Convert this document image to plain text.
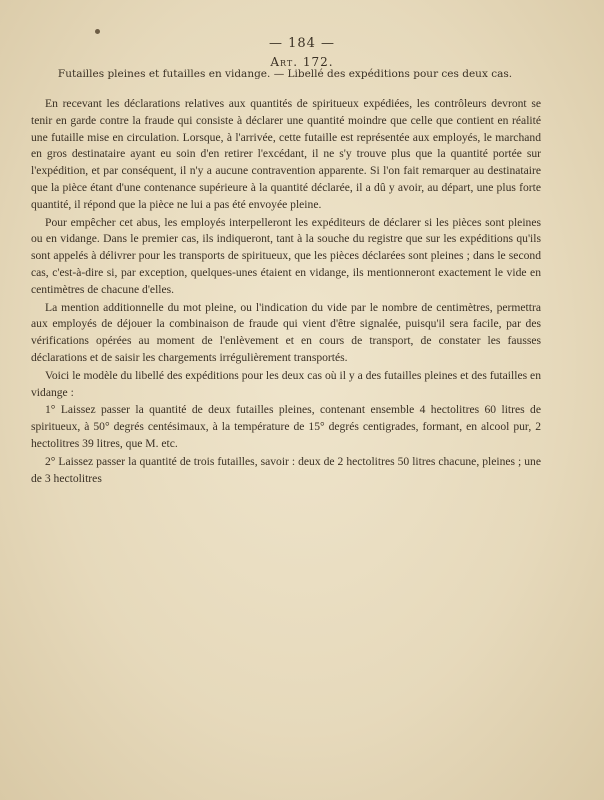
— 184 —
Art. 172.
Futailles pleines et futailles en vidange. — Libellé des expéditions pour ces deux cas.

En recevant les déclarations relatives aux quantités de spiritueux expédiées, les contrôleurs devront se tenir en garde contre la fraude qui consiste à déclarer une quantité moindre que celle que contient en réalité une futaille mise en circulation. Lorsque, à l'arrivée, cette futaille est représentée aux employés, le marchand en gros destinataire ayant eu soin d'en retirer l'excédant, il ne s'y trouve plus que la quantité portée sur l'expédition, et par conséquent, il n'y a aucune contravention apparente. Si l'on fait remarquer au destinataire que la pièce étant d'une contenance supérieure à la quantité déclarée, il a dû y avoir, au départ, une plus forte quantité, il répond que la pièce ne lui a pas été envoyée pleine.

Pour empêcher cet abus, les employés interpelleront les expéditeurs de déclarer si les pièces sont pleines ou en vidange. Dans le premier cas, ils indiqueront, tant à la souche du registre que sur les expéditions qu'ils sont appelés à délivrer pour les transports de spiritueux, que les pièces déclarées sont pleines ; dans le second cas, c'est-à-dire si, par exception, quelques-unes étaient en vidange, ils mentionneront exactement le vide en centimètres de chacune d'elles.

La mention additionnelle du mot pleine, ou l'indication du vide par le nombre de centimètres, permettra aux employés de déjouer la combinaison de fraude qui vient d'être signalée, puisqu'il sera facile, par des vérifications opérées au moment de l'enlèvement et en cours de transport, de constater les fausses déclarations et de saisir les chargements irrégulièrement transportés.

Voici le modèle du libellé des expéditions pour les deux cas où il y a des futailles pleines et des futailles en vidange :

1° Laissez passer la quantité de deux futailles pleines, contenant ensemble 4 hectolitres 60 litres de spiritueux, à 50° degrés centésimaux, à la température de 15° degrés centigrades, formant, en alcool pur, 2 hectolitres 39 litres, que M. etc.

2° Laissez passer la quantité de trois futailles, savoir : deux de 2 hectolitres 50 litres chacune, pleines ; une de 3 hectolitres
